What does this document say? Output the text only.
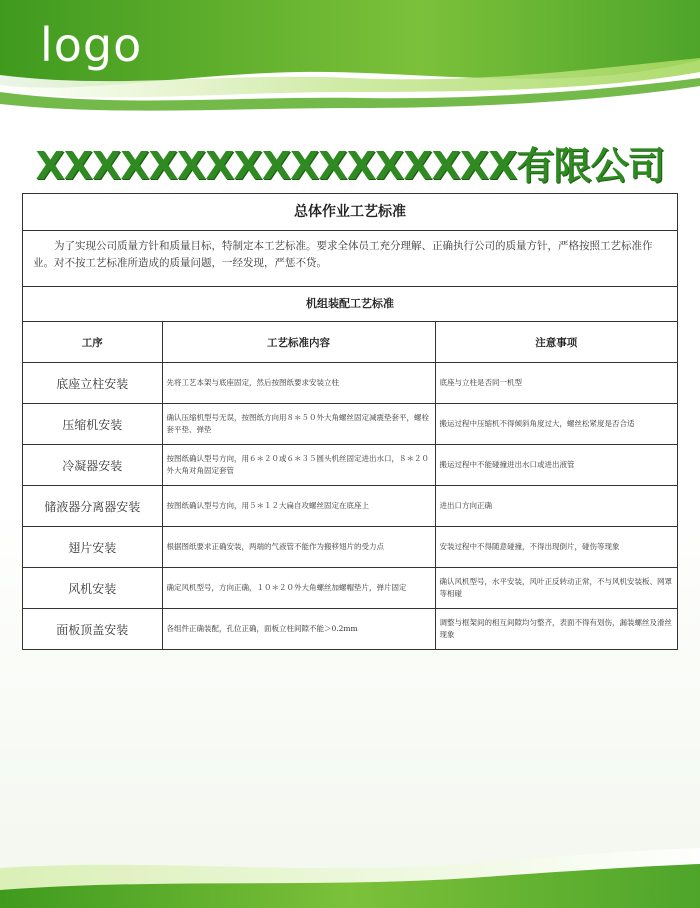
logo
XXXXXXXXXXXXXXXXX有限公司
总体作业工艺标准
为了实现公司质量方针和质量目标，特制定本工艺标准。要求全体员工充分理解、正确执行公司的质量方针，严格按照工艺标准作业。对不按工艺标准所造成的质量问题，一经发现，严惩不贷。
机组装配工艺标准
工序	工艺标准内容	注意事项
底座立柱安装	先将工艺本架与底座固定，然后按图纸要求安装立柱	底座与立柱是否同一机型
压缩机安装	确认压缩机型号无误，按图纸方向用８＊５０外大角螺丝固定减震垫套平，螺栓套平垫、弹垫	搬运过程中压缩机不得倾斜角度过大，螺丝松紧度是否合适
冷凝器安装	按图纸确认型号方向，用６＊２０或６＊３５圆头机丝固定进出水口，８＊２０外大角对角固定套管	搬运过程中不能碰撞进出水口或进出液管
储液器分离器安装	按图纸确认型号方向，用５＊１２大扁自攻螺丝固定在底座上	进出口方向正确
翅片安装	根据图纸要求正确安装，两端的气液管不能作为搬移翅片的受力点	安装过程中不得随意碰撞，不得出现倒片，碰伤等现象
风机安装	确定风机型号，方向正确，１０＊２０外大角螺丝加螺帽垫片，弹片固定	确认风机型号，水平安装，风叶正反转动正常，不与风机安装板、网罩等相碰
面板顶盖安装	各组件正确装配，孔位正确，面板立柱间隙不能＞0.2mm	调整与框架间的相互间隙均匀整齐，表面不得有划伤，漏装螺丝及滑丝现象
